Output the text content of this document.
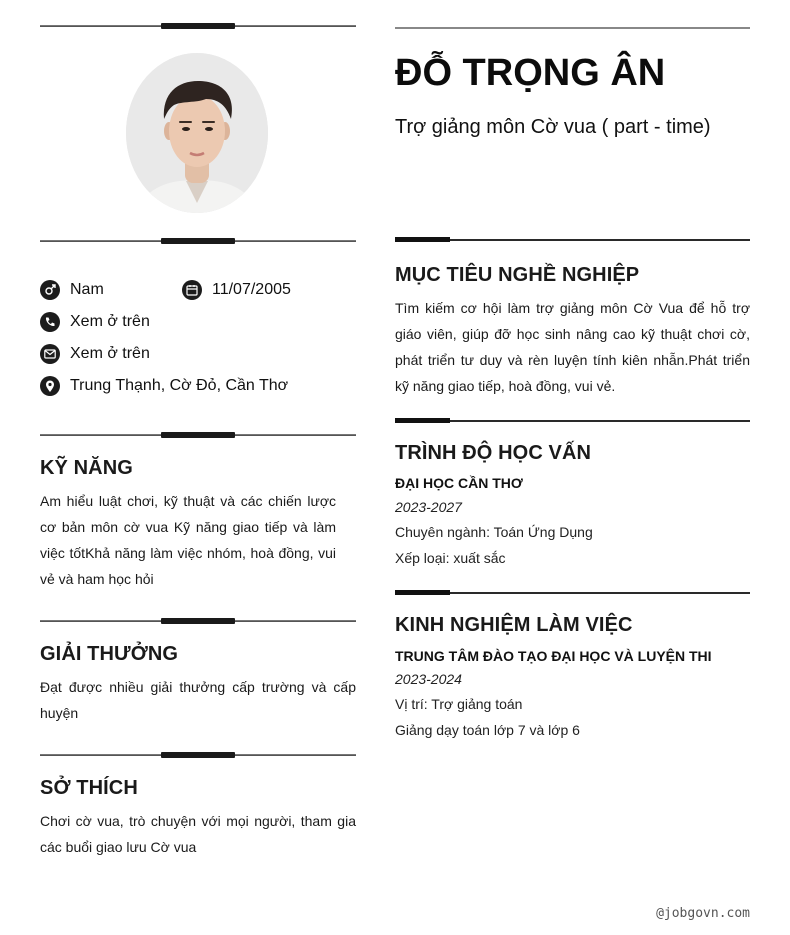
Nam	11/07/2005
Xem ở trên
Xem ở trên
Trung Thạnh, Cờ Đỏ, Cần Thơ
KỸ NĂNG
Am hiểu luật chơi, kỹ thuật và các chiến lược cơ bản môn cờ vua Kỹ năng giao tiếp và làm việc tốtKhả năng làm việc nhóm, hoà đồng, vui vẻ và ham học hỏi
GIẢI THƯỞNG
Đạt được nhiều giải thưởng cấp trường và cấp huyện
SỞ THÍCH
Chơi cờ vua, trò chuyện với mọi người, tham gia các buổi giao lưu Cờ vua
ĐỖ TRỌNG ÂN
Trợ giảng môn Cờ vua ( part - time)
MỤC TIÊU NGHỀ NGHIỆP
Tìm kiếm cơ hội làm trợ giảng môn Cờ Vua để hỗ trợ giáo viên, giúp đỡ học sinh nâng cao kỹ thuật chơi cờ, phát triển tư duy và rèn luyện tính kiên nhẫn.Phát triển kỹ năng giao tiếp, hoà đồng, vui vẻ.
TRÌNH ĐỘ HỌC VẤN
ĐẠI HỌC CẦN THƠ
2023-2027
Chuyên ngành: Toán Ứng Dụng
Xếp loại: xuất sắc
KINH NGHIỆM LÀM VIỆC
TRUNG TÂM ĐÀO TẠO ĐẠI HỌC VÀ LUYỆN THI
2023-2024
Vị trí: Trợ giảng toán
Giảng dạy toán lớp 7 và lớp 6
@jobgovn.com
